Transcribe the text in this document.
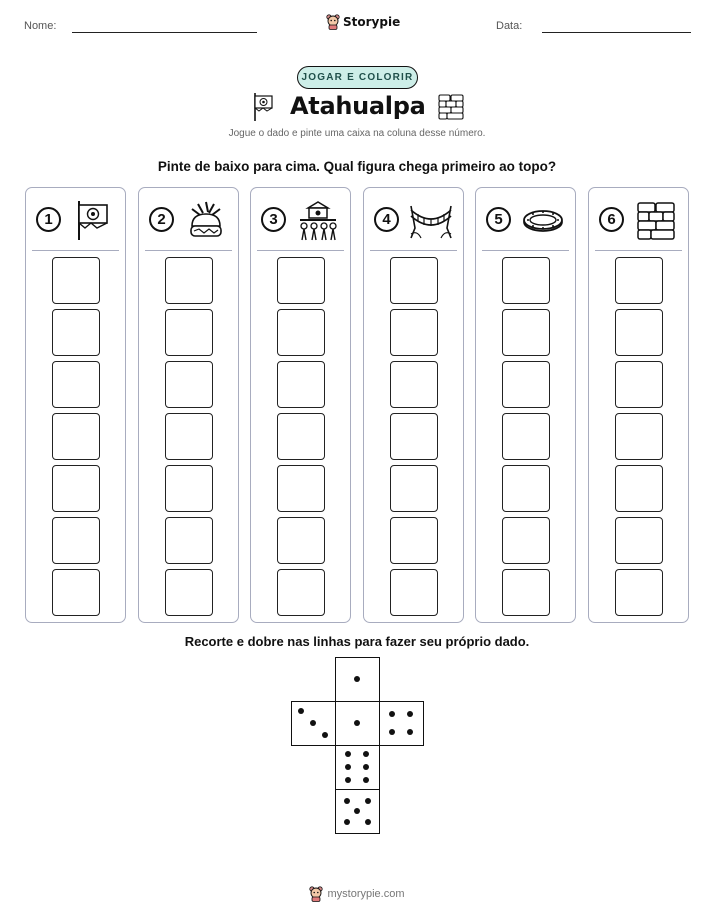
Nome:	Storypie	Data:
JOGAR E COLORIR
Atahualpa
Jogue o dado e pinte uma caixa na coluna desse número.
Pinte de baixo para cima. Qual figura chega primeiro ao topo?
1	2	3	4	5	6
Recorte e dobre nas linhas para fazer seu próprio dado.
mystorypie.com
